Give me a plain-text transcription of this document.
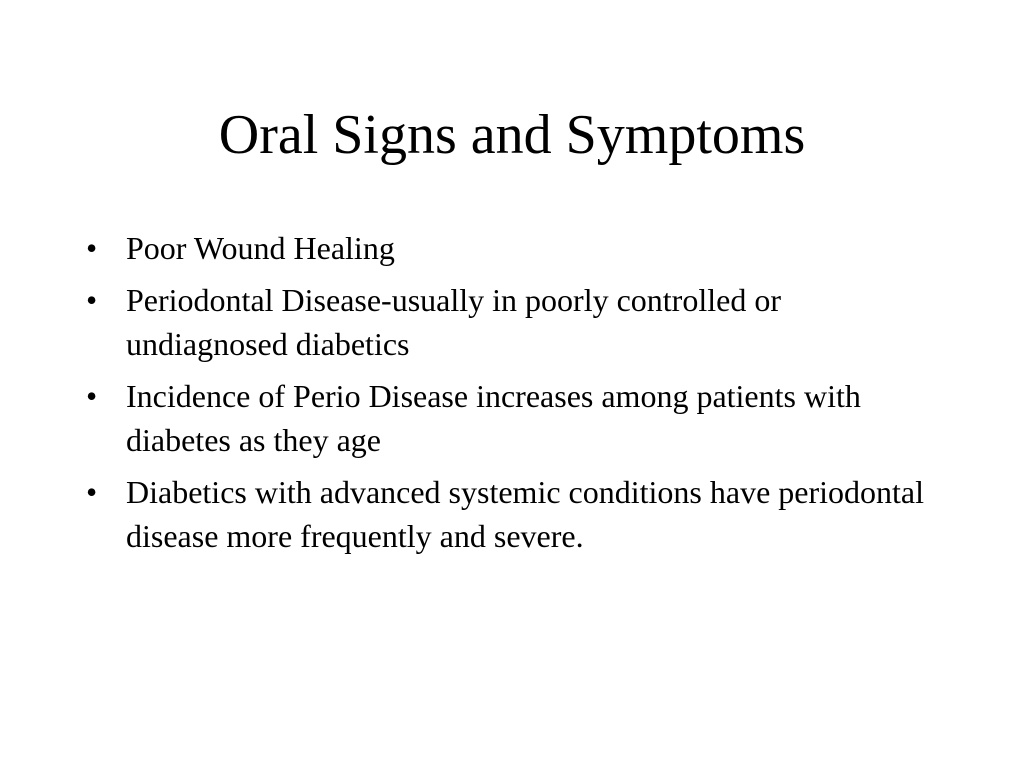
Oral Signs and Symptoms
• Poor Wound Healing
• Periodontal Disease-usually in poorly controlled or undiagnosed diabetics
• Incidence of Perio Disease increases among patients with diabetes as they age
• Diabetics with advanced systemic conditions have periodontal disease more frequently and severe.
